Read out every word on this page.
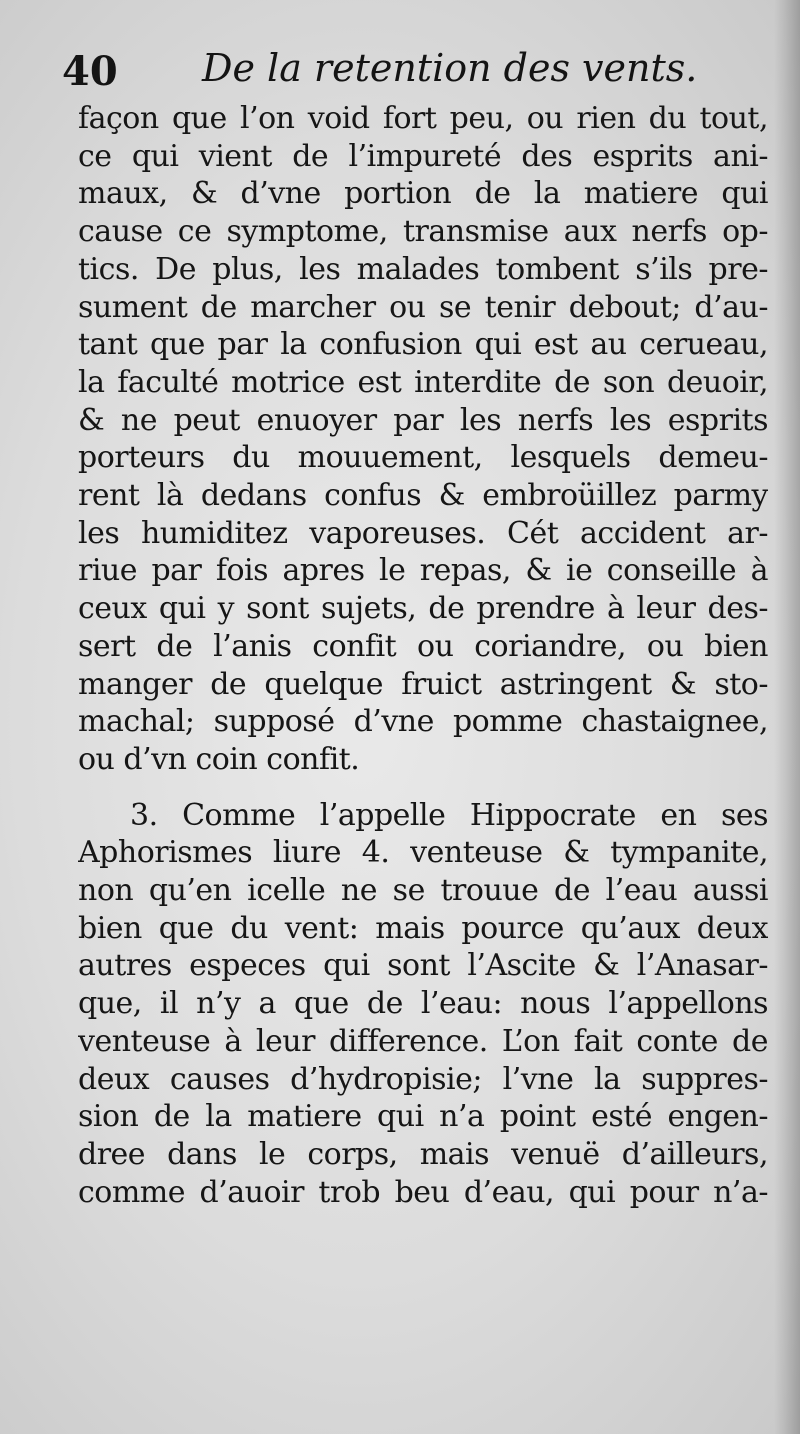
40 De la retention des vents.
façon que l’on void fort peu, ou rien du tout,
ce qui vient de l’impureté des esprits ani-
maux, & d’vne portion de la matiere qui
cause ce symptome, transmise aux nerfs op-
tics. De plus, les malades tombent s’ils pre-
sument de marcher ou se tenir debout; d’au-
tant que par la confusion qui est au cerueau,
la faculté motrice est interdite de son deuoir,
& ne peut enuoyer par les nerfs les esprits
porteurs du mouuement, lesquels demeu-
rent là dedans confus & embroüillez parmy
les humiditez vaporeuses. Cét accident ar-
riue par fois apres le repas, & ie conseille à
ceux qui y sont sujets, de prendre à leur des-
sert de l’anis confit ou coriandre, ou bien
manger de quelque fruict astringent & sto-
machal; supposé d’vne pomme chastaignee,
ou d’vn coin confit.
3. Comme l’appelle Hippocrate en ses
Aphorismes liure 4. venteuse & tympanite,
non qu’en icelle ne se trouue de l’eau aussi
bien que du vent: mais pource qu’aux deux
autres especes qui sont l’Ascite & l’Anasar-
que, il n’y a que de l’eau: nous l’appellons
venteuse à leur difference. L’on fait conte de
deux causes d’hydropisie; l’vne la suppres-
sion de la matiere qui n’a point esté engen-
dree dans le corps, mais venuë d’ailleurs,
comme d’auoir trob beu d’eau, qui pour n’a-
